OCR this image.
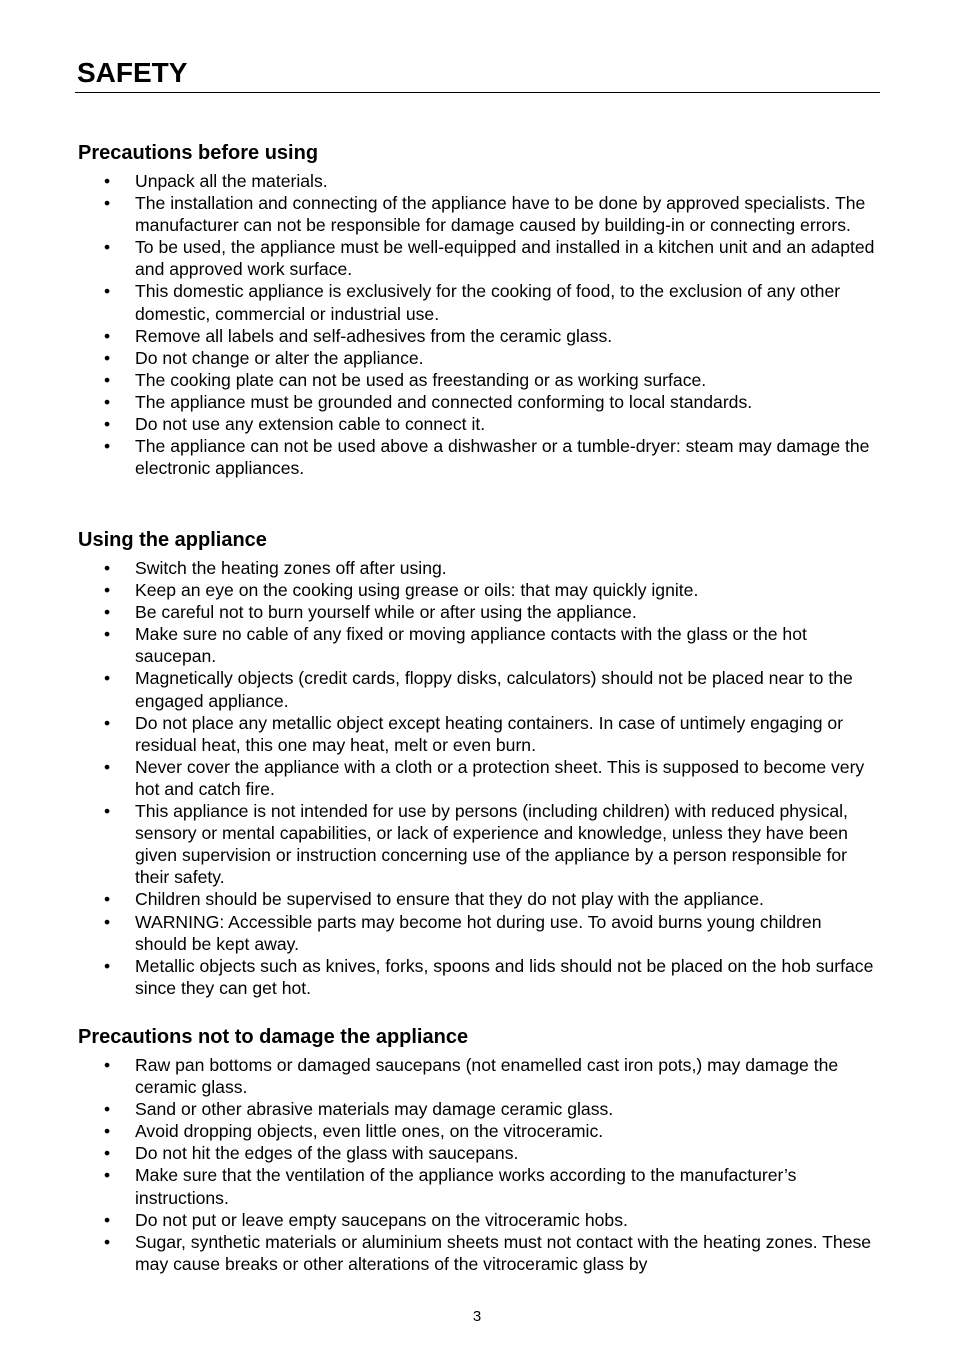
SAFETY
Precautions before using
• Unpack all the materials.
• The installation and connecting of the appliance have to be done by approved specialists. The manufacturer can not be responsible for damage caused by building-in or connecting errors.
• To be used, the appliance must be well-equipped and installed in a kitchen unit and an adapted and approved work surface.
• This domestic appliance is exclusively for the cooking of food, to the exclusion of any other domestic, commercial or industrial use.
• Remove all labels and self-adhesives from the ceramic glass.
• Do not change or alter the appliance.
• The cooking plate can not be used as freestanding or as working surface.
• The appliance must be grounded and connected conforming to local standards.
• Do not use any extension cable to connect it.
• The appliance can not be used above a dishwasher or a tumble-dryer: steam may damage the electronic appliances.
Using the appliance
• Switch the heating zones off after using.
• Keep an eye on the cooking using grease or oils: that may quickly ignite.
• Be careful not to burn yourself while or after using the appliance.
• Make sure no cable of any fixed or moving appliance contacts with the glass or the hot saucepan.
• Magnetically objects (credit cards, floppy disks, calculators) should not be placed near to the engaged appliance.
• Do not place any metallic object except heating containers. In case of untimely engaging or residual heat, this one may heat, melt or even burn.
• Never cover the appliance with a cloth or a protection sheet. This is supposed to become very hot and catch fire.
• This appliance is not intended for use by persons (including children) with reduced physical, sensory or mental capabilities, or lack of experience and knowledge, unless they have been given supervision or instruction concerning use of the appliance by a person responsible for their safety.
• Children should be supervised to ensure that they do not play with the appliance.
• WARNING: Accessible parts may become hot during use. To avoid burns young children should be kept away.
• Metallic objects such as knives, forks, spoons and lids should not be placed on the hob surface since they can get hot.
Precautions not to damage the appliance
• Raw pan bottoms or damaged saucepans (not enamelled cast iron pots,) may damage the ceramic glass.
• Sand or other abrasive materials may damage ceramic glass.
• Avoid dropping objects, even little ones, on the vitroceramic.
• Do not hit the edges of the glass with saucepans.
• Make sure that the ventilation of the appliance works according to the manufacturer’s instructions.
• Do not put or leave empty saucepans on the vitroceramic hobs.
• Sugar, synthetic materials or aluminium sheets must not contact with the heating zones. These may cause breaks or other alterations of the vitroceramic glass by
3
